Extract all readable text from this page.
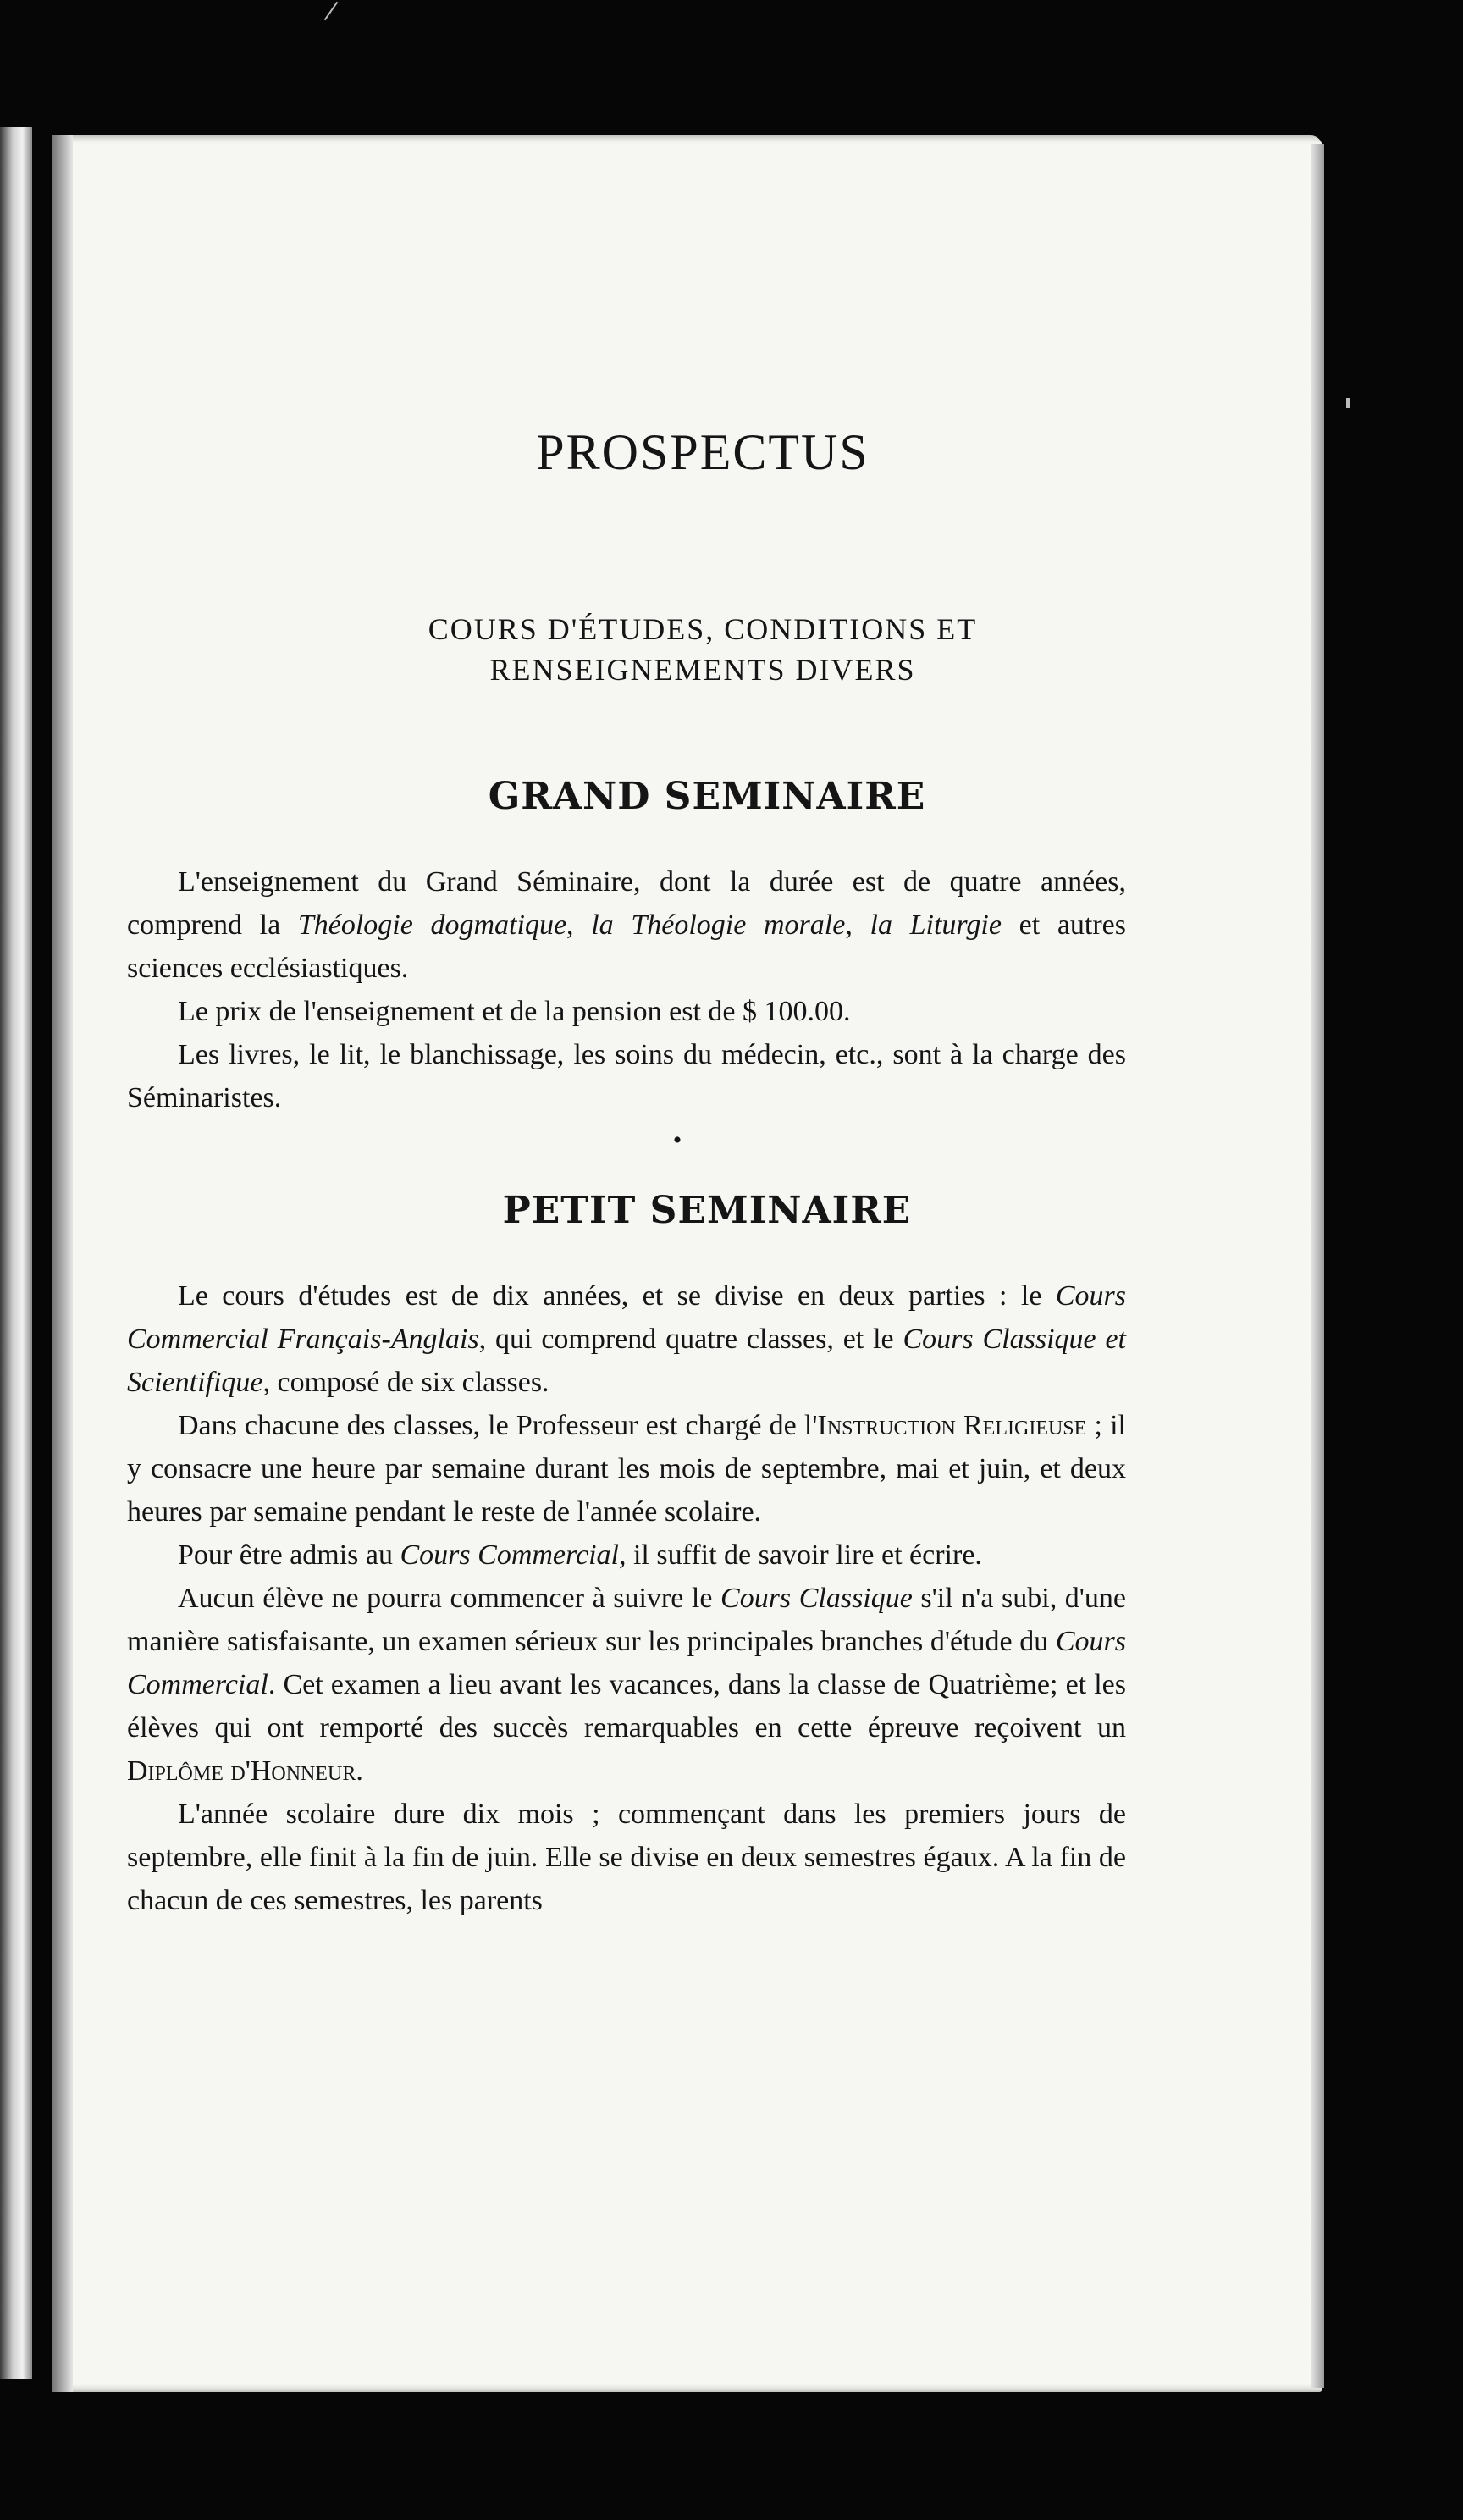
PROSPECTUS
COURS D'ÉTUDES, CONDITIONS ET
RENSEIGNEMENTS DIVERS
GRAND SEMINAIRE

L'enseignement du Grand Séminaire, dont la durée est de quatre années, comprend la Théologie dogmatique, la Théologie morale, la Liturgie et autres sciences ecclésiastiques.

Le prix de l'enseignement et de la pension est de $ 100.00.

Les livres, le lit, le blanchissage, les soins du médecin, etc., sont à la charge des Séminaristes.

•
PETIT SEMINAIRE

Le cours d'études est de dix années, et se divise en deux parties : le Cours Commercial Français-Anglais, qui comprend quatre classes, et le Cours Classique et Scientifique, composé de six classes.

Dans chacune des classes, le Professeur est chargé de l'Instruction Religieuse ; il y consacre une heure par semaine durant les mois de septembre, mai et juin, et deux heures par semaine pendant le reste de l'année scolaire.

Pour être admis au Cours Commercial, il suffit de savoir lire et écrire.

Aucun élève ne pourra commencer à suivre le Cours Classique s'il n'a subi, d'une manière satisfaisante, un examen sérieux sur les principales branches d'étude du Cours Commercial. Cet examen a lieu avant les vacances, dans la classe de Quatrième; et les élèves qui ont remporté des succès remarquables en cette épreuve reçoivent un Diplôme d'Honneur.

L'année scolaire dure dix mois ; commençant dans les premiers jours de septembre, elle finit à la fin de juin. Elle se divise en deux semestres égaux. A la fin de chacun de ces semestres, les parents
